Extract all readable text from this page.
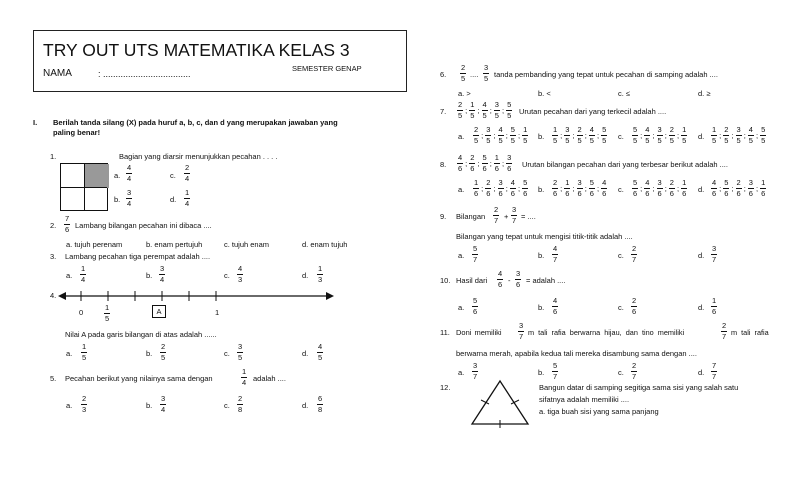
TRY OUT UTS MATEMATIKA KELAS 3
NAMA	: ...................................
SEMESTER GENAP
I. Berilah tanda silang (X) pada huruf a, b, c, dan d yang merupakan jawaban yang
paling benar!
1.	Bagian yang diarsir menunjukkan pecahan . . . .
a.
4
4	c.
2
4
b.
3
4	d.
1
4
2.
7
6 Lambang bilangan pecahan ini dibaca ....
a. tujuh perenam	b. enam pertujuh	c. tujuh enam	d. enam tujuh
3. Lambang pecahan tiga perempat adalah ....
a.
1
4	b.
3
4	c.
4
3	d.
1
3
4.
0
1
5
A	1
Nilai A pada garis bilangan di atas adalah ......
a.
1
5	b.
2
5	c.
3
5	d.
4
5
5. Pecahan berikut yang nilainya sama dengan
1
4 adalah ....
a.
2
3	b.
3
4	c.
2
8	d.
6
8
6.
2
5 ....
3
5 tanda pembanding yang tepat untuk pecahan di samping adalah ....
a. >	b. <	c. ≤	d. ≥
7.
2
5
;
1
5
;
4
5
;
3
5
;
5
5 Urutan pecahan dari yang terkecil adalah ....
a.
2
5
;
3
5
;
4
5
;
5
5
;
1
5 b.
1
5
;
3
5
;
2
5
;
4
5
;
5
5 c.
5
5
;
4
5
;
3
5
;
2
5
;
1
5 d.
1
5
;
2
5
;
3
5
;
4
5
;
5
5
8.
4
6
;
2
6
;
5
6
;
1
6
;
3
6 Urutan bilangan pecahan dari yang terbesar berikut adalah ....
a.
1
6
;
2
6
;
3
6
;
4
6
;
5
6 b.
2
6
;
1
6
;
3
6
;
5
6
;
4
6 c.
5
6
;
4
6
;
3
6
;
2
6
;
1
6 d.
4
6
;
5
6
;
2
6
;
3
6
;
1
6
9. Bilangan
2
7 +
3
7 = ....
Bilangan yang tepat untuk mengisi titik-titik adalah ....
a.
5
7	b.
4
7	c.
2
7	d.
3
7
10. Hasil dari
4
6 -
3
6 = adalah ....
a.
5
6	b.
4
6	c.
2
6	d.
1
6
11. Doni memiliki
3
7 m  tali  rafia  berwarna  hijau,  dan  tino  memiliki
2
7 m  tali  rafia
berwarna merah, apabila kedua tali mereka disambung sama dengan ....
a.
3
7	b.
5
7	c.
2
7	d.
7
7
12.	Bangun datar di samping segitiga sama sisi yang salah satu
sifatnya adalah memiliki ....
a. tiga buah sisi yang sama panjang
